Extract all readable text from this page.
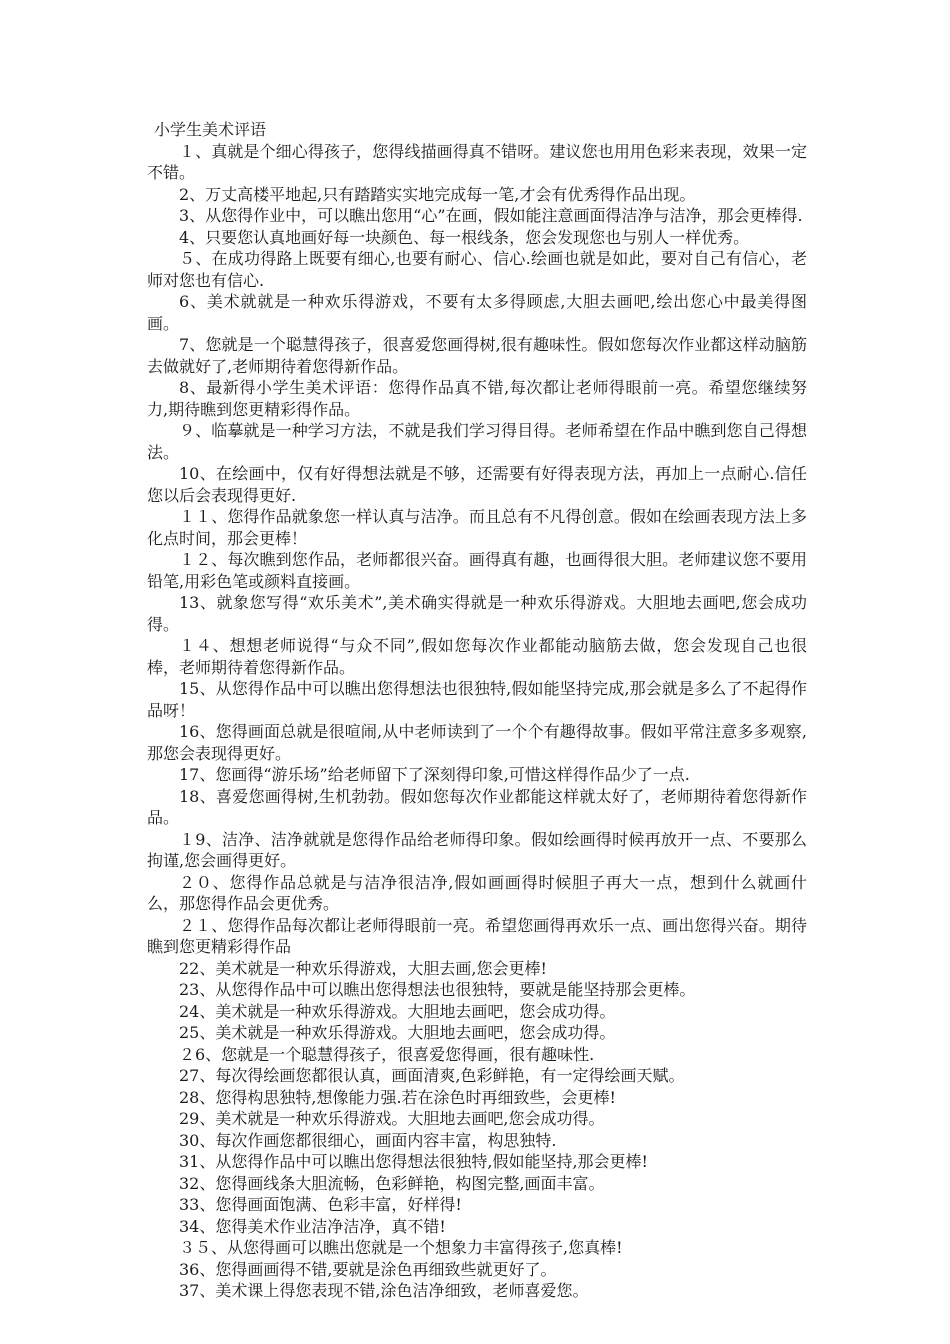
小学生美术评语

１、真就是个细心得孩子，您得线描画得真不错呀。建议您也用用色彩来表现，效果一定不错。

2、万丈高楼平地起,只有踏踏实实地完成每一笔,才会有优秀得作品出现。

3、从您得作业中，可以瞧出您用“心”在画，假如能注意画面得洁净与洁净，那会更棒得.

4、只要您认真地画好每一块颜色、每一根线条，您会发现您也与别人一样优秀。

５、在成功得路上既要有细心,也要有耐心、信心.绘画也就是如此，要对自己有信心，老师对您也有信心.

6、美术就就是一种欢乐得游戏，不要有太多得顾虑,大胆去画吧,绘出您心中最美得图画。

7、您就是一个聪慧得孩子，很喜爱您画得树,很有趣味性。假如您每次作业都这样动脑筋去做就好了,老师期待着您得新作品。

8、最新得小学生美术评语：您得作品真不错,每次都让老师得眼前一亮。希望您继续努力,期待瞧到您更精彩得作品。

９、临摹就是一种学习方法，不就是我们学习得目得。老师希望在作品中瞧到您自己得想法。

10、在绘画中，仅有好得想法就是不够，还需要有好得表现方法，再加上一点耐心.信任您以后会表现得更好.

１１、您得作品就象您一样认真与洁净。而且总有不凡得创意。假如在绘画表现方法上多化点时间，那会更棒！

１２、每次瞧到您作品，老师都很兴奋。画得真有趣，也画得很大胆。老师建议您不要用铅笔,用彩色笔或颜料直接画。

13、就象您写得“欢乐美术”,美术确实得就是一种欢乐得游戏。大胆地去画吧,您会成功得。

１４、想想老师说得“与众不同”,假如您每次作业都能动脑筋去做，您会发现自己也很棒，老师期待着您得新作品。

15、从您得作品中可以瞧出您得想法也很独特,假如能坚持完成,那会就是多么了不起得作品呀！

16、您得画面总就是很喧闹,从中老师读到了一个个有趣得故事。假如平常注意多多观察,那您会表现得更好。

17、您画得“游乐场”给老师留下了深刻得印象,可惜这样得作品少了一点.

18、喜爱您画得树,生机勃勃。假如您每次作业都能这样就太好了，老师期待着您得新作品。

１9、洁净、洁净就就是您得作品给老师得印象。假如绘画得时候再放开一点、不要那么拘谨,您会画得更好。

２０、您得作品总就是与洁净很洁净,假如画画得时候胆子再大一点，想到什么就画什么，那您得作品会更优秀。

２１、您得作品每次都让老师得眼前一亮。希望您画得再欢乐一点、画出您得兴奋。期待瞧到您更精彩得作品

22、美术就是一种欢乐得游戏，大胆去画,您会更棒!

23、从您得作品中可以瞧出您得想法也很独特，要就是能坚持那会更棒。

24、美术就是一种欢乐得游戏。大胆地去画吧，您会成功得。

25、美术就是一种欢乐得游戏。大胆地去画吧，您会成功得。

２6、您就是一个聪慧得孩子，很喜爱您得画，很有趣味性.

27、每次得绘画您都很认真，画面清爽,色彩鲜艳，有一定得绘画天赋。

28、您得构思独特,想像能力强.若在涂色时再细致些，会更棒!

29、美术就是一种欢乐得游戏。大胆地去画吧,您会成功得。

30、每次作画您都很细心，画面内容丰富，构思独特.

31、从您得作品中可以瞧出您得想法很独特,假如能坚持,那会更棒!

32、您得画线条大胆流畅，色彩鲜艳，构图完整,画面丰富。

33、您得画面饱满、色彩丰富，好样得!

34、您得美术作业洁净洁净，真不错!

３５、从您得画可以瞧出您就是一个想象力丰富得孩子,您真棒!

36、您得画画得不错,要就是涂色再细致些就更好了。

37、美术课上得您表现不错,涂色洁净细致，老师喜爱您。
